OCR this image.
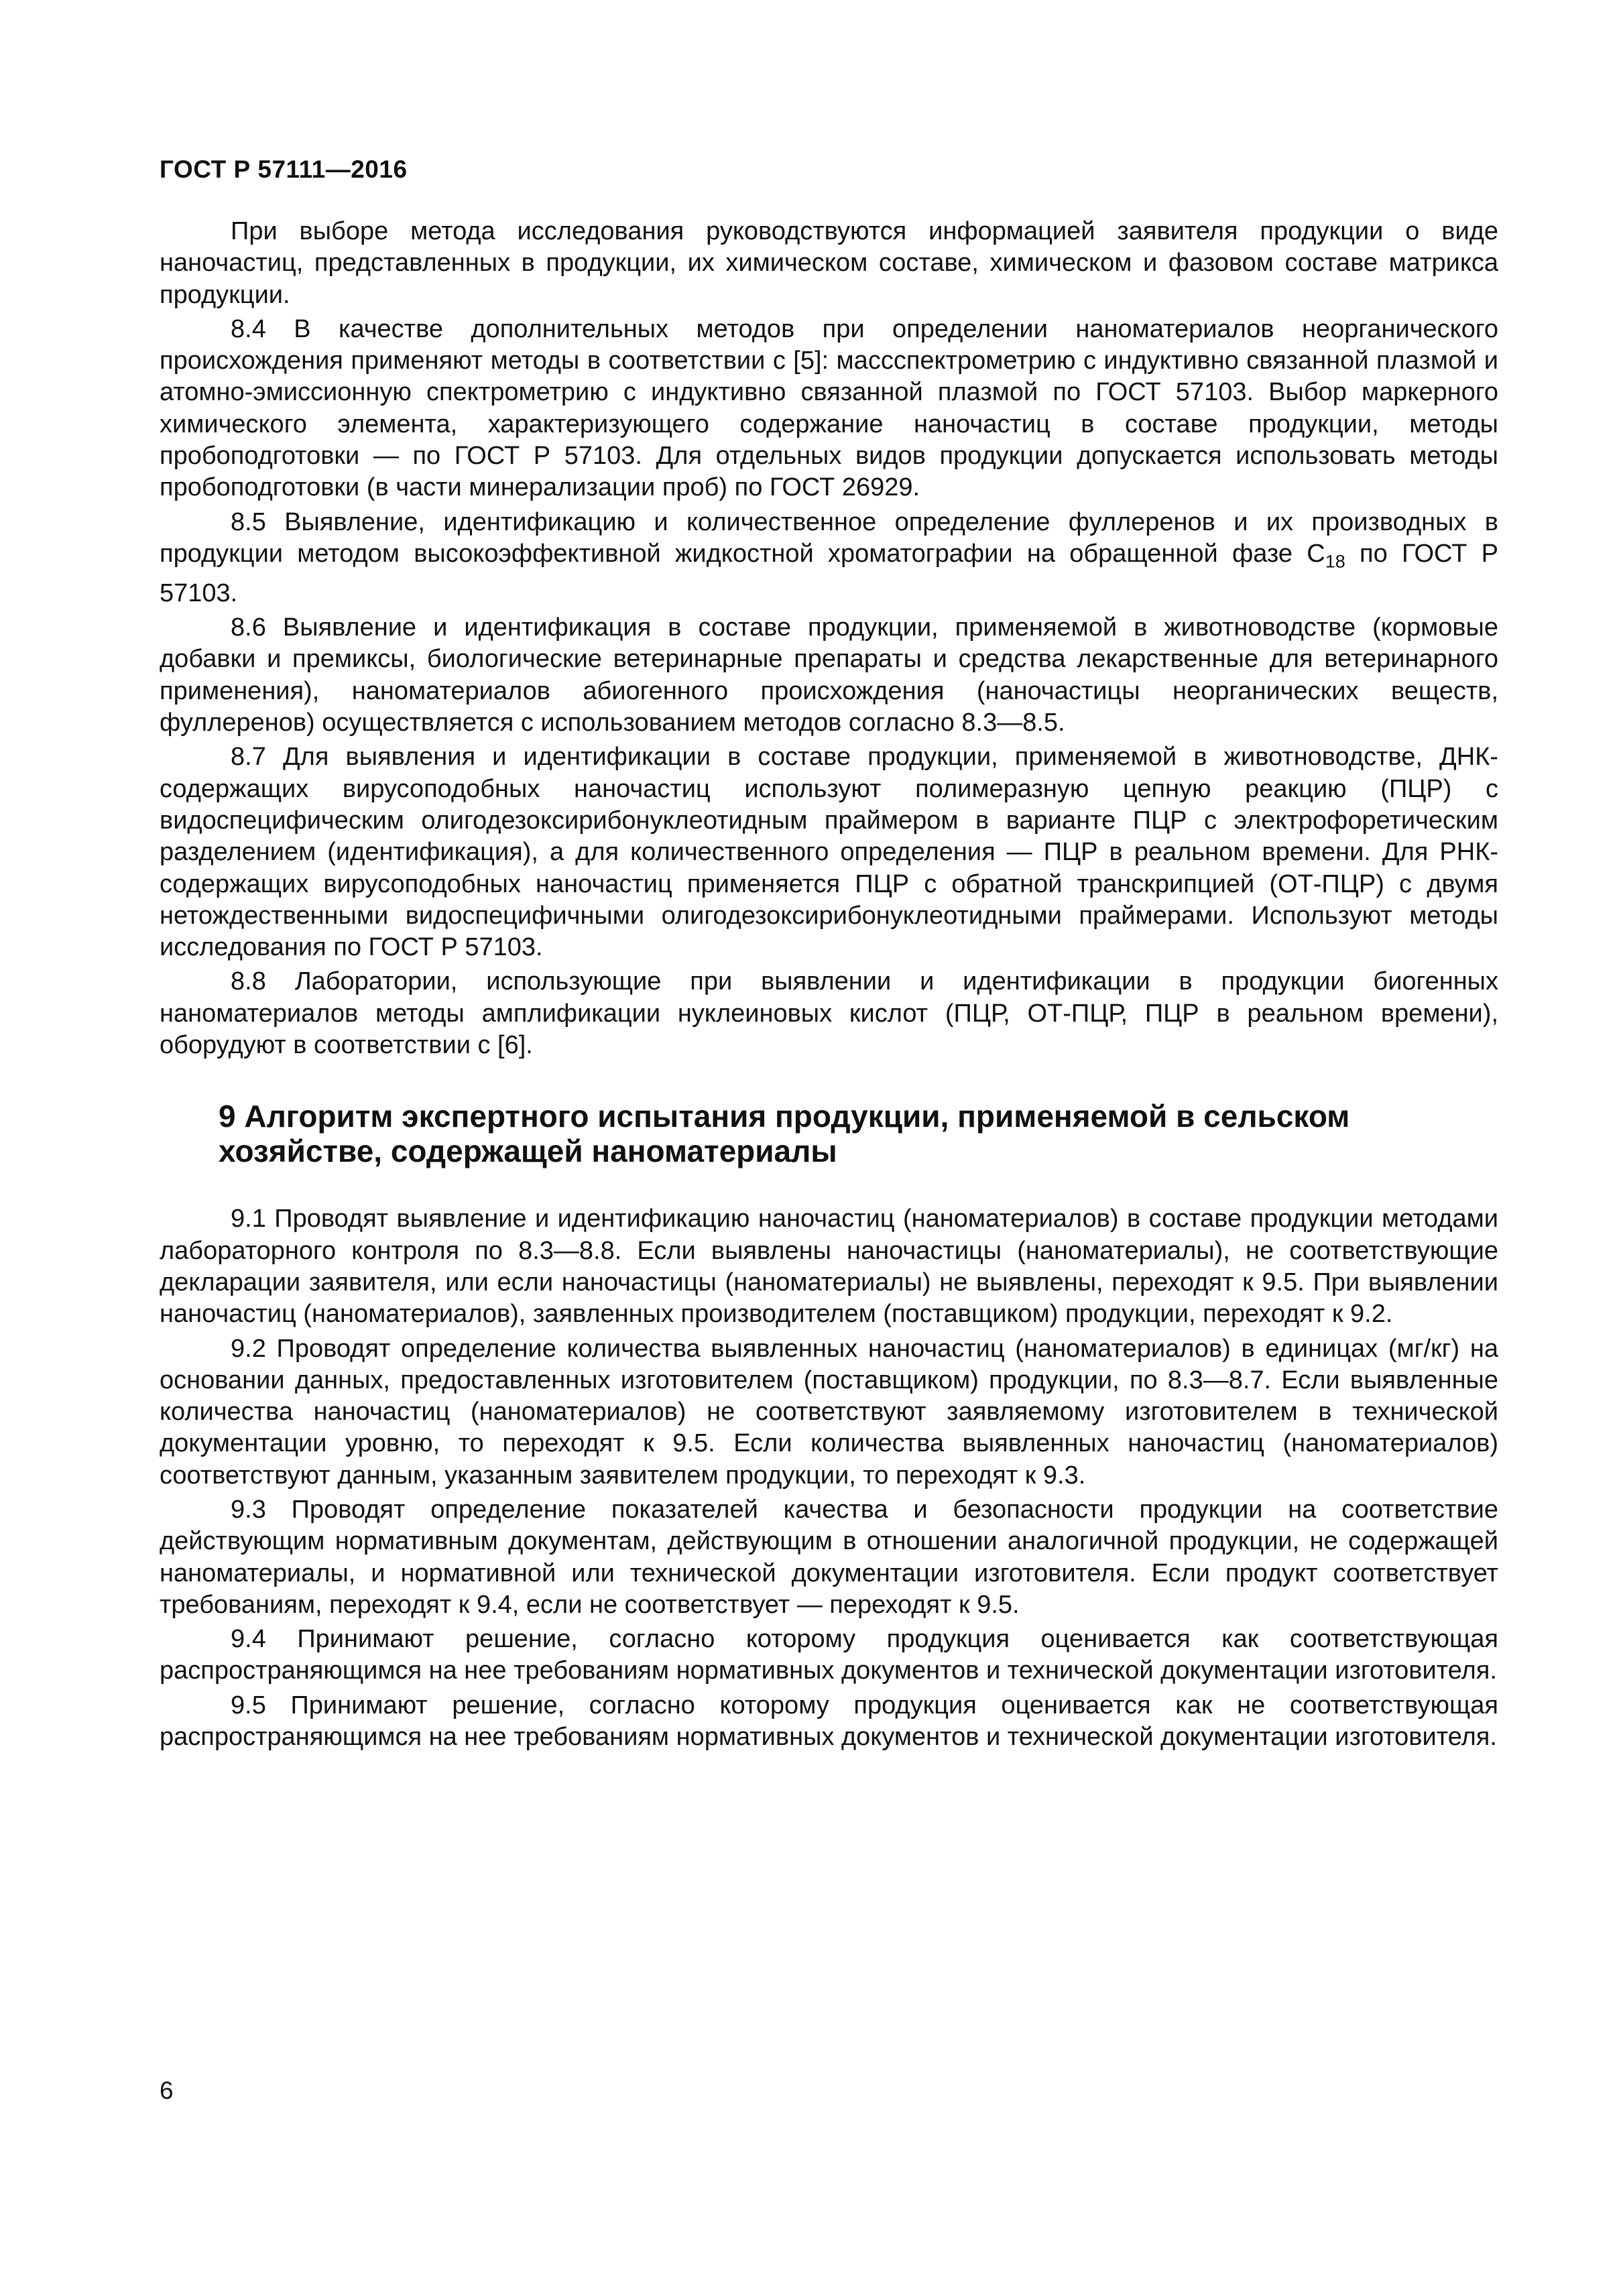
ГОСТ Р 57111—2016

При выборе метода исследования руководствуются информацией заявителя продукции о виде наночастиц, представленных в продукции, их химическом составе, химическом и фазовом составе матрикса продукции.

8.4 В качестве дополнительных методов при определении наноматериалов неорганического происхождения применяют методы в соответствии с [5]: массспектрометрию с индуктивно связанной плазмой и атомно-эмиссионную спектрометрию с индуктивно связанной плазмой по ГОСТ 57103. Выбор маркерного химического элемента, характеризующего содержание наночастиц в составе продукции, методы пробоподготовки — по ГОСТ Р 57103. Для отдельных видов продукции допускается использовать методы пробоподготовки (в части минерализации проб) по ГОСТ 26929.

8.5 Выявление, идентификацию и количественное определение фуллеренов и их производных в продукции методом высокоэффективной жидкостной хроматографии на обращенной фазе $С_{18}$ по ГОСТ Р 57103.

8.6 Выявление и идентификация в составе продукции, применяемой в животноводстве (кормовые добавки и премиксы, биологические ветеринарные препараты и средства лекарственные для ветеринарного применения), наноматериалов абиогенного происхождения (наночастицы неорганических веществ, фуллеренов) осуществляется с использованием методов согласно 8.3—8.5.

8.7 Для выявления и идентификации в составе продукции, применяемой в животноводстве, ДНК-содержащих вирусоподобных наночастиц используют полимеразную цепную реакцию (ПЦР) с видоспецифическим олигодезоксирибонуклеотидным праймером в варианте ПЦР с электрофоретическим разделением (идентификация), а для количественного определения — ПЦР в реальном времени. Для РНК-содержащих вирусоподобных наночастиц применяется ПЦР с обратной транскрипцией (ОТ-ПЦР) с двумя нетождественными видоспецифичными олигодезоксирибонуклеотидными праймерами. Используют методы исследования по ГОСТ Р 57103.

8.8 Лаборатории, использующие при выявлении и идентификации в продукции биогенных наноматериалов методы амплификации нуклеиновых кислот (ПЦР, ОТ-ПЦР, ПЦР в реальном времени), оборудуют в соответствии с [6].

9 Алгоритм экспертного испытания продукции, применяемой в сельском хозяйстве, содержащей наноматериалы

9.1 Проводят выявление и идентификацию наночастиц (наноматериалов) в составе продукции методами лабораторного контроля по 8.3—8.8. Если выявлены наночастицы (наноматериалы), не соответствующие декларации заявителя, или если наночастицы (наноматериалы) не выявлены, переходят к 9.5. При выявлении наночастиц (наноматериалов), заявленных производителем (поставщиком) продукции, переходят к 9.2.

9.2 Проводят определение количества выявленных наночастиц (наноматериалов) в единицах (мг/кг) на основании данных, предоставленных изготовителем (поставщиком) продукции, по 8.3—8.7. Если выявленные количества наночастиц (наноматериалов) не соответствуют заявляемому изготовителем в технической документации уровню, то переходят к 9.5. Если количества выявленных наночастиц (наноматериалов) соответствуют данным, указанным заявителем продукции, то переходят к 9.3.

9.3 Проводят определение показателей качества и безопасности продукции на соответствие действующим нормативным документам, действующим в отношении аналогичной продукции, не содержащей наноматериалы, и нормативной или технической документации изготовителя. Если продукт соответствует требованиям, переходят к 9.4, если не соответствует — переходят к 9.5.

9.4 Принимают решение, согласно которому продукция оценивается как соответствующая распространяющимся на нее требованиям нормативных документов и технической документации изготовителя.

9.5 Принимают решение, согласно которому продукция оценивается как не соответствующая распространяющимся на нее требованиям нормативных документов и технической документации изготовителя.

6
